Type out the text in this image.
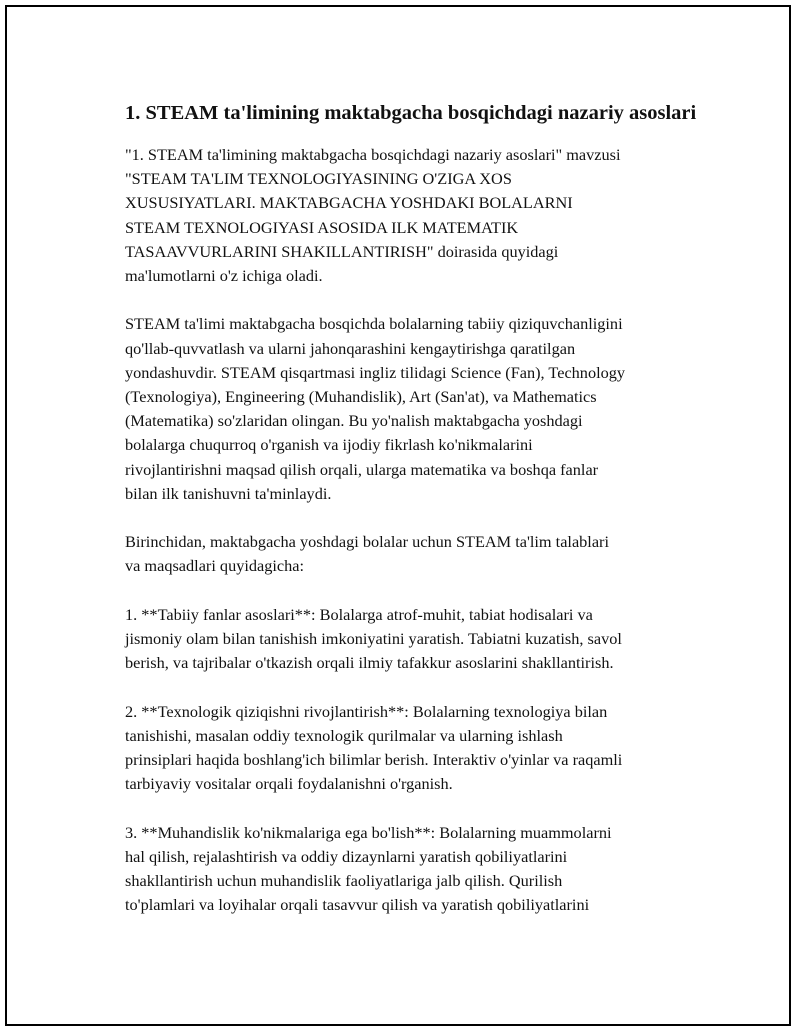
1. STEAM ta'limining maktabgacha bosqichdagi nazariy asoslari

"1. STEAM ta'limining maktabgacha bosqichdagi nazariy asoslari" mavzusi
"STEAM TA'LIM TEXNOLOGIYASINING O'ZIGA XOS
XUSUSIYATLARI. MAKTABGACHA YOSHDAKI BOLALARNI
STEAM TEXNOLOGIYASI ASOSIDA ILK MATEMATIK
TASAAVVURLARINI SHAKILLANTIRISH" doirasida quyidagi
ma'lumotlarni o'z ichiga oladi.

STEAM ta'limi maktabgacha bosqichda bolalarning tabiiy qiziquvchanligini
qo'llab-quvvatlash va ularni jahonqarashini kengaytirishga qaratilgan
yondashuvdir. STEAM qisqartmasi ingliz tilidagi Science (Fan), Technology
(Texnologiya), Engineering (Muhandislik), Art (San'at), va Mathematics
(Matematika) so'zlaridan olingan. Bu yo'nalish maktabgacha yoshdagi
bolalarga chuqurroq o'rganish va ijodiy fikrlash ko'nikmalarini
rivojlantirishni maqsad qilish orqali, ularga matematika va boshqa fanlar
bilan ilk tanishuvni ta'minlaydi.

Birinchidan, maktabgacha yoshdagi bolalar uchun STEAM ta'lim talablari
va maqsadlari quyidagicha:

1. **Tabiiy fanlar asoslari**: Bolalarga atrof-muhit, tabiat hodisalari va
jismoniy olam bilan tanishish imkoniyatini yaratish. Tabiatni kuzatish, savol
berish, va tajribalar o'tkazish orqali ilmiy tafakkur asoslarini shakllantirish.

2. **Texnologik qiziqishni rivojlantirish**: Bolalarning texnologiya bilan
tanishishi, masalan oddiy texnologik qurilmalar va ularning ishlash
prinsiplari haqida boshlang'ich bilimlar berish. Interaktiv o'yinlar va raqamli
tarbiyaviy vositalar orqali foydalanishni o'rganish.

3. **Muhandislik ko'nikmalariga ega bo'lish**: Bolalarning muammolarni
hal qilish, rejalashtirish va oddiy dizaynlarni yaratish qobiliyatlarini
shakllantirish uchun muhandislik faoliyatlariga jalb qilish. Qurilish
to'plamlari va loyihalar orqali tasavvur qilish va yaratish qobiliyatlarini
